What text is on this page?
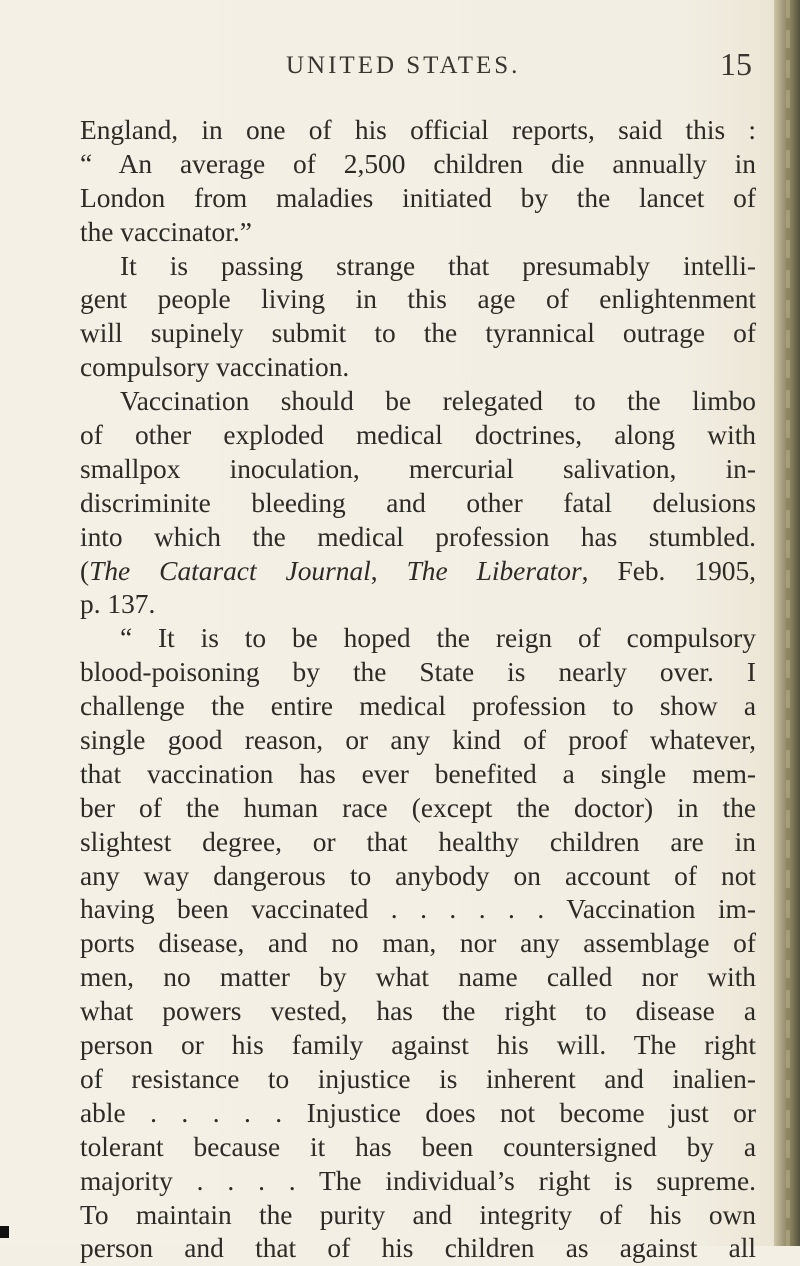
UNITED STATES.	15
England, in one of his official reports, said this :
“ An average of 2,500 children die annually in
London from maladies initiated by the lancet of
the vaccinator.”
It is passing strange that presumably intelli-
gent people living in this age of enlightenment
will supinely submit to the tyrannical outrage of
compulsory vaccination.
Vaccination should be relegated to the limbo
of other exploded medical doctrines, along with
smallpox inoculation, mercurial salivation, in-
discriminite bleeding and other fatal delusions
into which the medical profession has stumbled.
(The Cataract Journal, The Liberator, Feb. 1905,
p. 137.
“ It is to be hoped the reign of compulsory
blood-poisoning by the State is nearly over. I
challenge the entire medical profession to show a
single good reason, or any kind of proof whatever,
that vaccination has ever benefited a single mem-
ber of the human race (except the doctor) in the
slightest degree, or that healthy children are in
any way dangerous to anybody on account of not
having been vaccinated . . . . . . Vaccination im-
ports disease, and no man, nor any assemblage of
men, no matter by what name called nor with
what powers vested, has the right to disease a
person or his family against his will. The right
of resistance to injustice is inherent and inalien-
able . . . . . Injustice does not become just or
tolerant because it has been countersigned by a
majority . . . . The individual’s right is supreme.
To maintain the purity and integrity of his own
person and that of his children as against all
